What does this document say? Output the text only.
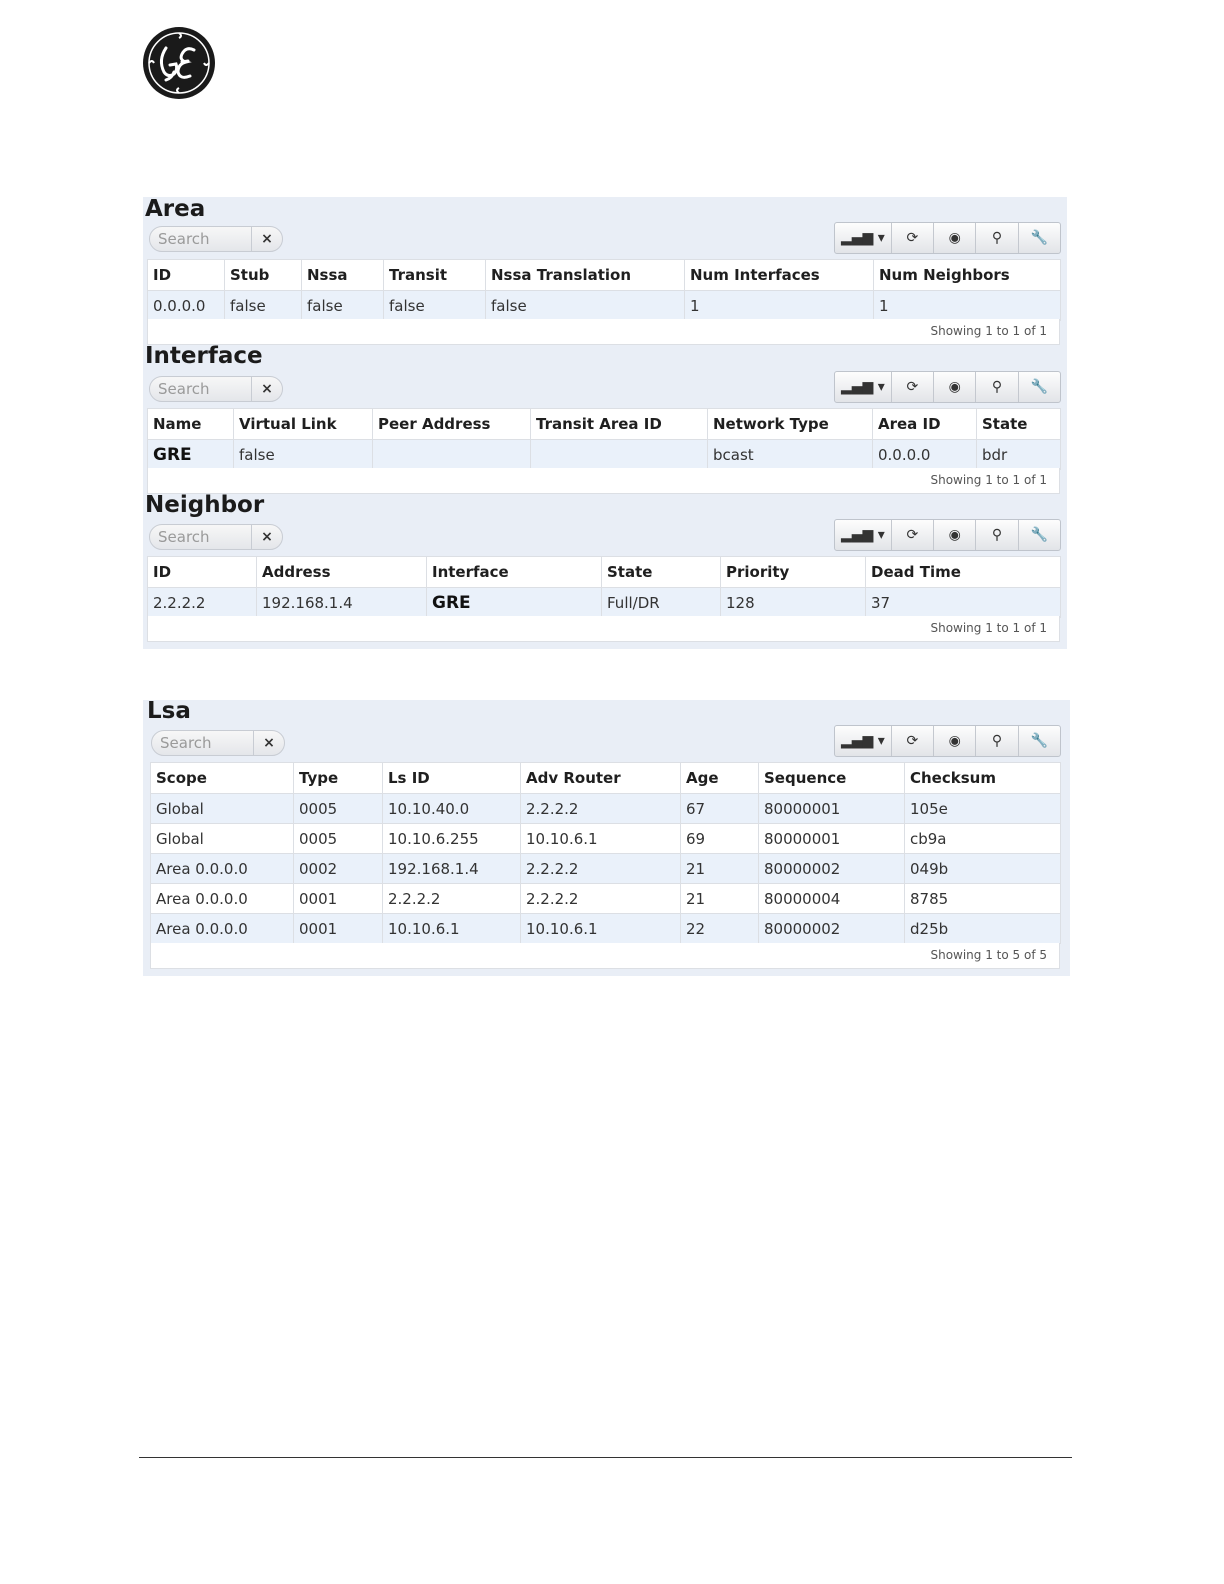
Area
Search
×	▂▄▆ ▾	⟳	◉	⚲	🔧
ID	Stub	Nssa	Transit	Nssa Translation	Num Interfaces	Num Neighbors
0.0.0.0	false	false	false	false	1	1
Showing 1 to 1 of 1
Interface
Search
×	▂▄▆ ▾	⟳	◉	⚲	🔧
Name	Virtual Link	Peer Address	Transit Area ID	Network Type	Area ID	State
GRE	false			bcast	0.0.0.0	bdr
Showing 1 to 1 of 1
Neighbor
Search
×	▂▄▆ ▾	⟳	◉	⚲	🔧
ID	Address	Interface	State	Priority	Dead Time
2.2.2.2	192.168.1.4	GRE	Full/DR	128	37
Showing 1 to 1 of 1
Lsa
Search
×	▂▄▆ ▾	⟳	◉	⚲	🔧
Scope	Type	Ls ID	Adv Router	Age	Sequence	Checksum
Global	0005	10.10.40.0	2.2.2.2	67	80000001	105e
Global	0005	10.10.6.255	10.10.6.1	69	80000001	cb9a
Area 0.0.0.0	0002	192.168.1.4	2.2.2.2	21	80000002	049b
Area 0.0.0.0	0001	2.2.2.2	2.2.2.2	21	80000004	8785
Area 0.0.0.0	0001	10.10.6.1	10.10.6.1	22	80000002	d25b
Showing 1 to 5 of 5
